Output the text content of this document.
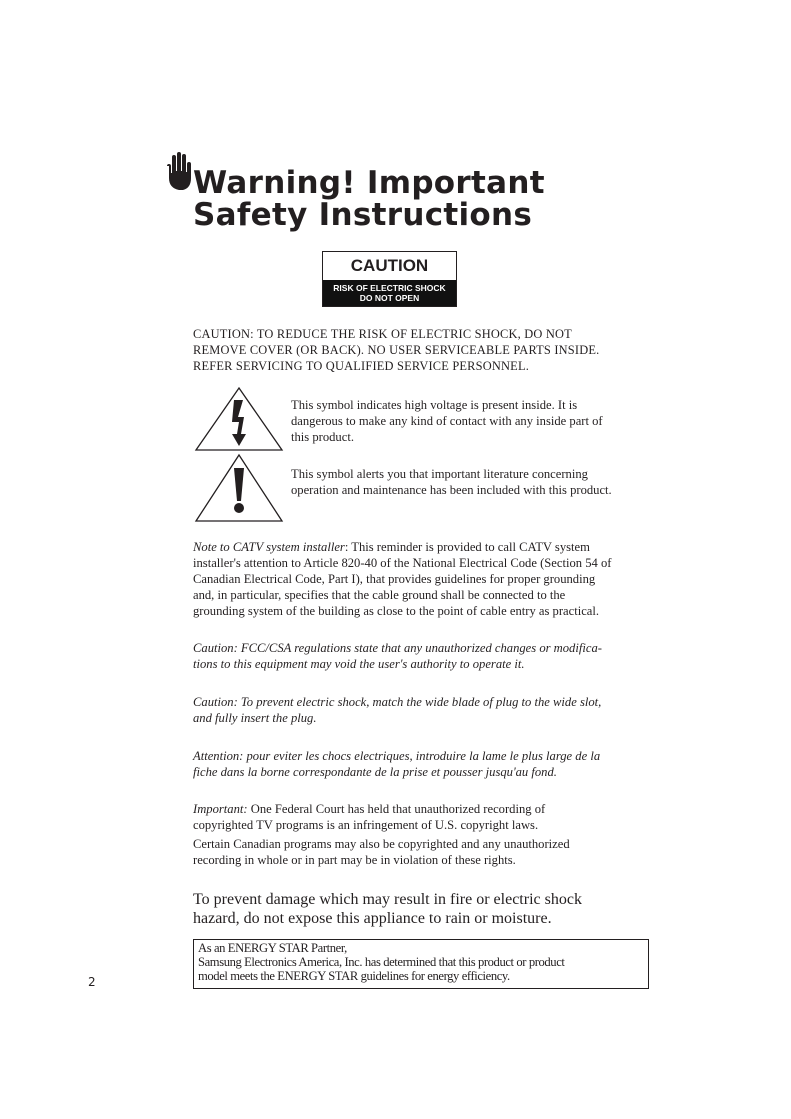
Warning! Important
Safety Instructions
CAUTION
RISK OF ELECTRIC SHOCK
DO NOT OPEN
CAUTION: TO REDUCE THE RISK OF ELECTRIC SHOCK, DO NOT
REMOVE COVER (OR BACK). NO USER SERVICEABLE PARTS INSIDE.
REFER SERVICING TO QUALIFIED SERVICE PERSONNEL.
This symbol indicates high voltage is present inside. It is
dangerous to make any kind of contact with any inside part of
this product.
This symbol alerts you that important literature concerning
operation and maintenance has been included with this product.
Note to CATV system installer: This reminder is provided to call CATV system
installer's attention to Article 820-40 of the National Electrical Code (Section 54 of
Canadian Electrical Code, Part I), that provides guidelines for proper grounding
and, in particular, specifies that the cable ground shall be connected to the
grounding system of the building as close to the point of cable entry as practical.
Caution: FCC/CSA regulations state that any unauthorized changes or modifica-
tions to this equipment may void the user's authority to operate it.
Caution: To prevent electric shock, match the wide blade of plug to the wide slot,
and fully insert the plug.
Attention: pour eviter les chocs electriques, introduire la lame le plus large de la
fiche dans la borne correspondante de la prise et pousser jusqu'au fond.
Important: One Federal Court has held that unauthorized recording of
copyrighted TV programs is an infringement of U.S. copyright laws.
Certain Canadian programs may also be copyrighted and any unauthorized
recording in whole or in part may be in violation of these rights.
To prevent damage which may result in fire or electric shock
hazard, do not expose this appliance to rain or moisture.
As an ENERGY STAR Partner,
Samsung Electronics America, Inc. has determined that this product or product
model meets the ENERGY STAR guidelines for energy efficiency.
2
